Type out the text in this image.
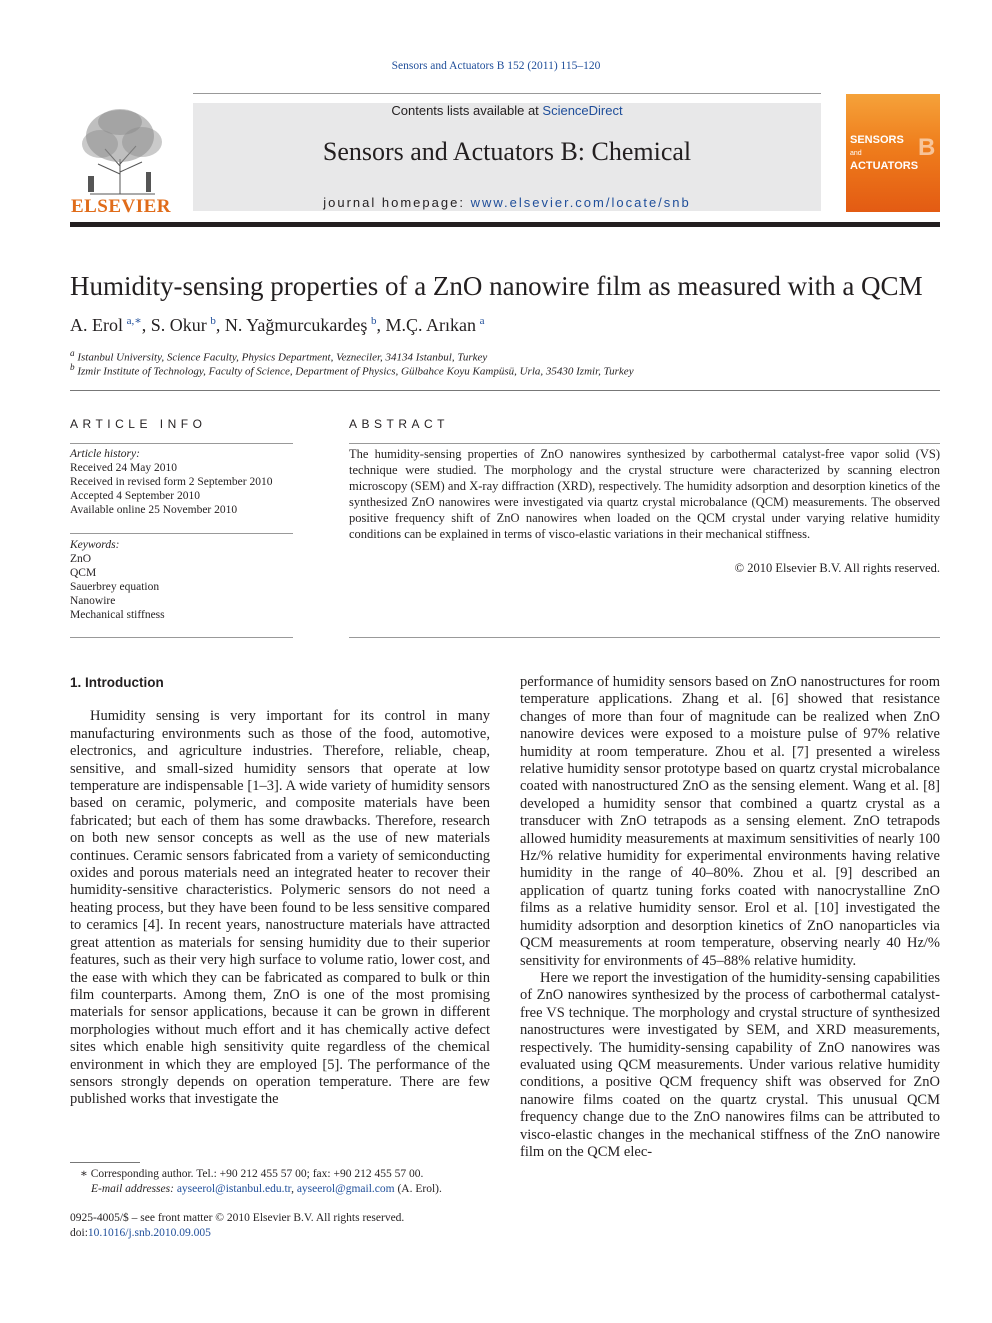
Sensors and Actuators B 152 (2011) 115–120
ELSEVIER
Contents lists available at ScienceDirect
Sensors and Actuators B: Chemical
journal homepage: www.elsevier.com/locate/snb
SENSORS
and
ACTUATORS
B
Humidity-sensing properties of a ZnO nanowire film as measured with a QCM
A. Erol  $^{a,∗}$, S. Okur  $^b$, N. Yağmurcukardeş  $^b$, M.Ç. Arıkan  $^a$
$^a$ Istanbul University, Science Faculty, Physics Department, Vezneciler, 34134 Istanbul, Turkey
$^b$ Izmir Institute of Technology, Faculty of Science, Department of Physics, Gülbahce Koyu Kampüsü, Urla, 35430 Izmir, Turkey
ARTICLE INFO
Article history:
Received 24 May 2010
Received in revised form 2 September 2010
Accepted 4 September 2010
Available online 25 November 2010
Keywords:
ZnO
QCM
Sauerbrey equation
Nanowire
Mechanical stiffness
ABSTRACT
The humidity-sensing properties of ZnO nanowires synthesized by carbothermal catalyst-free vapor solid (VS) technique were studied. The morphology and the crystal structure were characterized by scanning electron microscopy (SEM) and X-ray diffraction (XRD), respectively. The humidity adsorption and desorption kinetics of the synthesized ZnO nanowires were investigated via quartz crystal microbalance (QCM) measurements. The observed positive frequency shift of ZnO nanowires when loaded on the QCM crystal under varying relative humidity conditions can be explained in terms of visco-elastic variations in their mechanical stiffness.
© 2010 Elsevier B.V. All rights reserved.
1. Introduction

Humidity sensing is very important for its control in many manufacturing environments such as those of the food, automotive, electronics, and agriculture industries. Therefore, reliable, cheap, sensitive, and small-sized humidity sensors that operate at low temperature are indispensable [1–3]. A wide variety of humidity sensors based on ceramic, polymeric, and composite materials have been fabricated; but each of them has some drawbacks. Therefore, research on both new sensor concepts as well as the use of new materials continues. Ceramic sensors fabricated from a variety of semiconducting oxides and porous materials need an integrated heater to recover their humidity-sensitive characteristics. Polymeric sensors do not need a heating process, but they have been found to be less sensitive compared to ceramics [4]. In recent years, nanostructure materials have attracted great attention as materials for sensing humidity due to their superior features, such as their very high surface to volume ratio, lower cost, and the ease with which they can be fabricated as compared to bulk or thin film counterparts. Among them, ZnO is one of the most promising materials for sensor applications, because it can be grown in different morphologies without much effort and it has chemically active defect sites which enable high sensitivity quite regardless of the chemical environment in which they are employed [5]. The performance of the sensors strongly depends on operation temperature. There are few published works that investigate the

performance of humidity sensors based on ZnO nanostructures for room temperature applications. Zhang et al. [6] showed that resistance changes of more than four of magnitude can be realized when ZnO nanowire devices were exposed to a moisture pulse of 97% relative humidity at room temperature. Zhou et al. [7] presented a wireless relative humidity sensor prototype based on quartz crystal microbalance coated with nanostructured ZnO as the sensing element. Wang et al. [8] developed a humidity sensor that combined a quartz crystal as a transducer with ZnO tetrapods as a sensing element. ZnO tetrapods allowed humidity measurements at maximum sensitivities of nearly 100 Hz/% relative humidity for experimental environments having relative humidity in the range of 40–80%. Zhou et al. [9] described an application of quartz tuning forks coated with nanocrystalline ZnO films as a relative humidity sensor. Erol et al. [10] investigated the humidity adsorption and desorption kinetics of ZnO nanoparticles via QCM measurements at room temperature, observing nearly 40 Hz/% sensitivity for environments of 45–88% relative humidity.

Here we report the investigation of the humidity-sensing capabilities of ZnO nanowires synthesized by the process of carbothermal catalyst-free VS technique. The morphology and crystal structure of synthesized nanostructures were investigated by SEM, and XRD measurements, respectively. The humidity-sensing capability of ZnO nanowires was evaluated using QCM measurements. Under various relative humidity conditions, a positive QCM frequency shift was observed for ZnO nanowire films coated on the quartz crystal. This unusual QCM frequency change due to the ZnO nanowires films can be attributed to visco-elastic changes in the mechanical stiffness of the ZnO nanowire film on the QCM elec-

∗ Corresponding author. Tel.: +90 212 455 57 00; fax: +90 212 455 57 00.
E-mail addresses: ayseerol@istanbul.edu.tr, ayseerol@gmail.com (A. Erol).
0925-4005/$ – see front matter © 2010 Elsevier B.V. All rights reserved.
doi:10.1016/j.snb.2010.09.005
